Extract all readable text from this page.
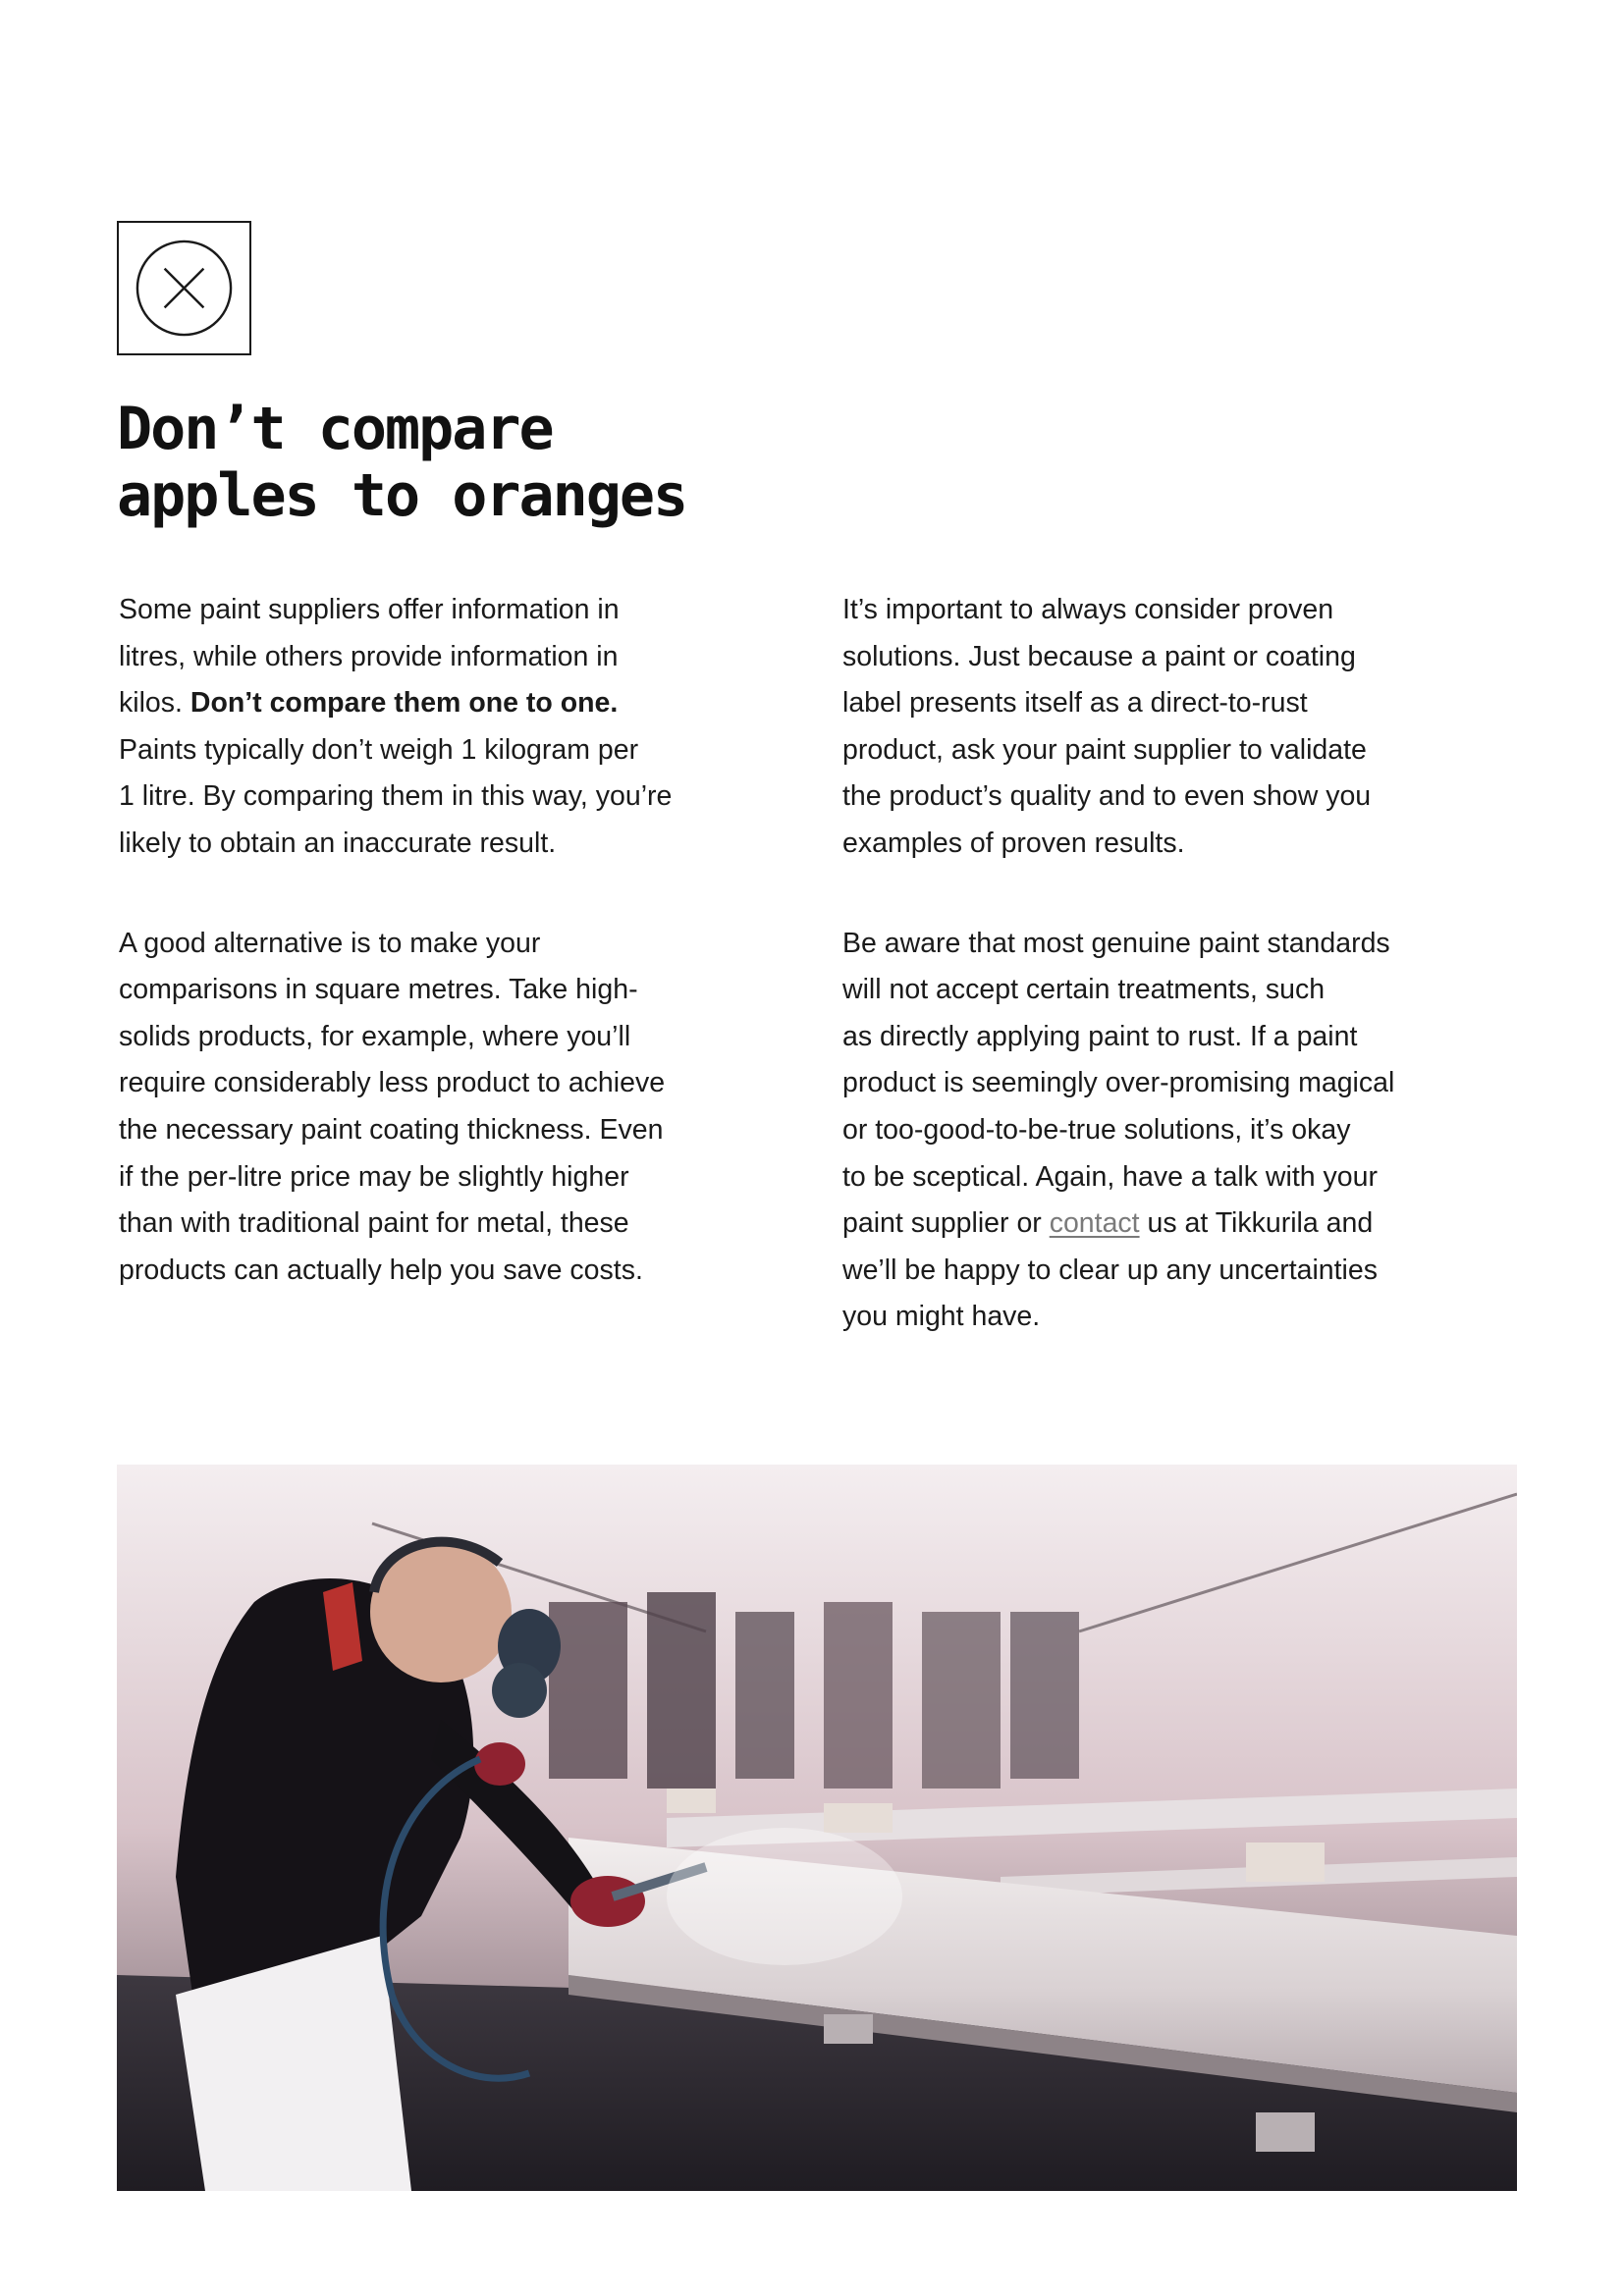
Don’t compare
apples to oranges

Some paint suppliers offer information in
litres, while others provide information in
kilos. Don’t compare them one to one.
Paints typically don’t weigh 1 kilogram per
1 litre. By comparing them in this way, you’re
likely to obtain an inaccurate result.

A good alternative is to make your
comparisons in square metres. Take high-
solids products, for example, where you’ll
require considerably less product to achieve
the necessary paint coating thickness. Even
if the per-litre price may be slightly higher
than with traditional paint for metal, these
products can actually help you save costs.

It’s important to always consider proven
solutions. Just because a paint or coating
label presents itself as a direct-to-rust
product, ask your paint supplier to validate
the product’s quality and to even show you
examples of proven results.

Be aware that most genuine paint standards
will not accept certain treatments, such
as directly applying paint to rust. If a paint
product is seemingly over-promising magical
or too-good-to-be-true solutions, it’s okay
to be sceptical. Again, have a talk with your
paint supplier or contact us at Tikkurila and
we’ll be happy to clear up any uncertainties
you might have.
